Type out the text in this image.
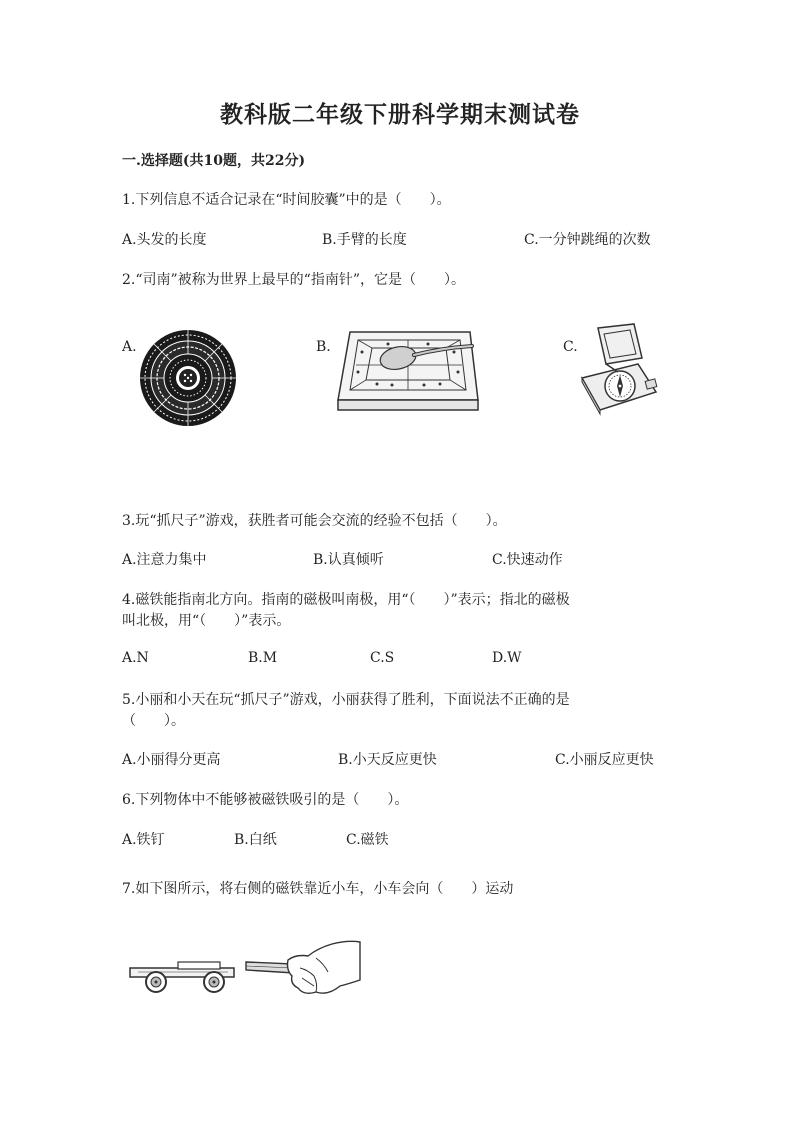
教科版二年级下册科学期末测试卷
一.选择题(共10题，共22分)
1.下列信息不适合记录在“时间胶囊”中的是（　　）。
A.头发的长度	B.手臂的长度	C.一分钟跳绳的次数
2.“司南”被称为世界上最早的“指南针”，它是（　　）。
A.	B.	C.
3.玩“抓尺子”游戏，获胜者可能会交流的经验不包括（　　）。
A.注意力集中	B.认真倾听	C.快速动作
4.磁铁能指南北方向。指南的磁极叫南极，用“（　　）”表示；指北的磁极
叫北极，用“（　　）”表示。
A.N	B.M	C.S	D.W
5.小丽和小天在玩“抓尺子”游戏，小丽获得了胜利，下面说法不正确的是
（　　）。
A.小丽得分更高	B.小天反应更快	C.小丽反应更快
6.下列物体中不能够被磁铁吸引的是（　　）。
A.铁钉	B.白纸	C.磁铁
7.如下图所示，将右侧的磁铁靠近小车，小车会向（　　）运动
